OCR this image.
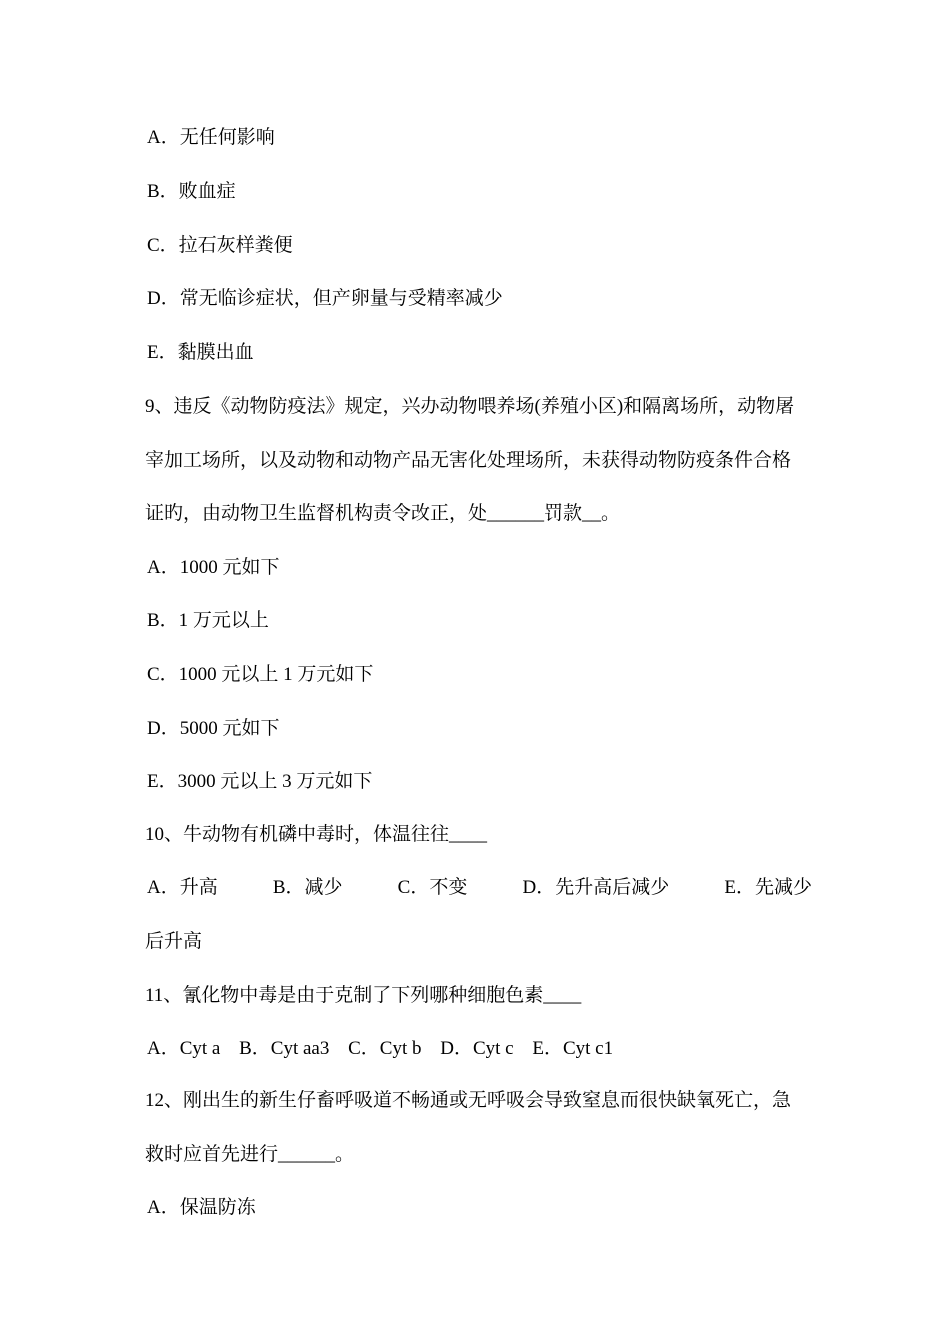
A．无任何影响
B．败血症
C．拉石灰样粪便
D．常无临诊症状，但产卵量与受精率减少
E．黏膜出血
9、违反《动物防疫法》规定，兴办动物喂养场(养殖小区)和隔离场所，动物屠
宰加工场所，以及动物和动物产品无害化处理场所，未获得动物防疫条件合格
证旳，由动物卫生监督机构责令改正，处______罚款__。
A．1000 元如下
B．1 万元以上
C．1000 元以上 1 万元如下
D．5000 元如下
E．3000 元以上 3 万元如下
10、牛动物有机磷中毒时，体温往往____
A．升高	B．减少	C．不变	D．先升高后减少	E．先减少
后升高
11、氰化物中毒是由于克制了下列哪种细胞色素____
A．Cyt a B．Cyt aa3 C．Cyt b D．Cyt c E．Cyt c1
12、刚出生的新生仔畜呼吸道不畅通或无呼吸会导致窒息而很快缺氧死亡，急
救时应首先进行______。
A．保温防冻
